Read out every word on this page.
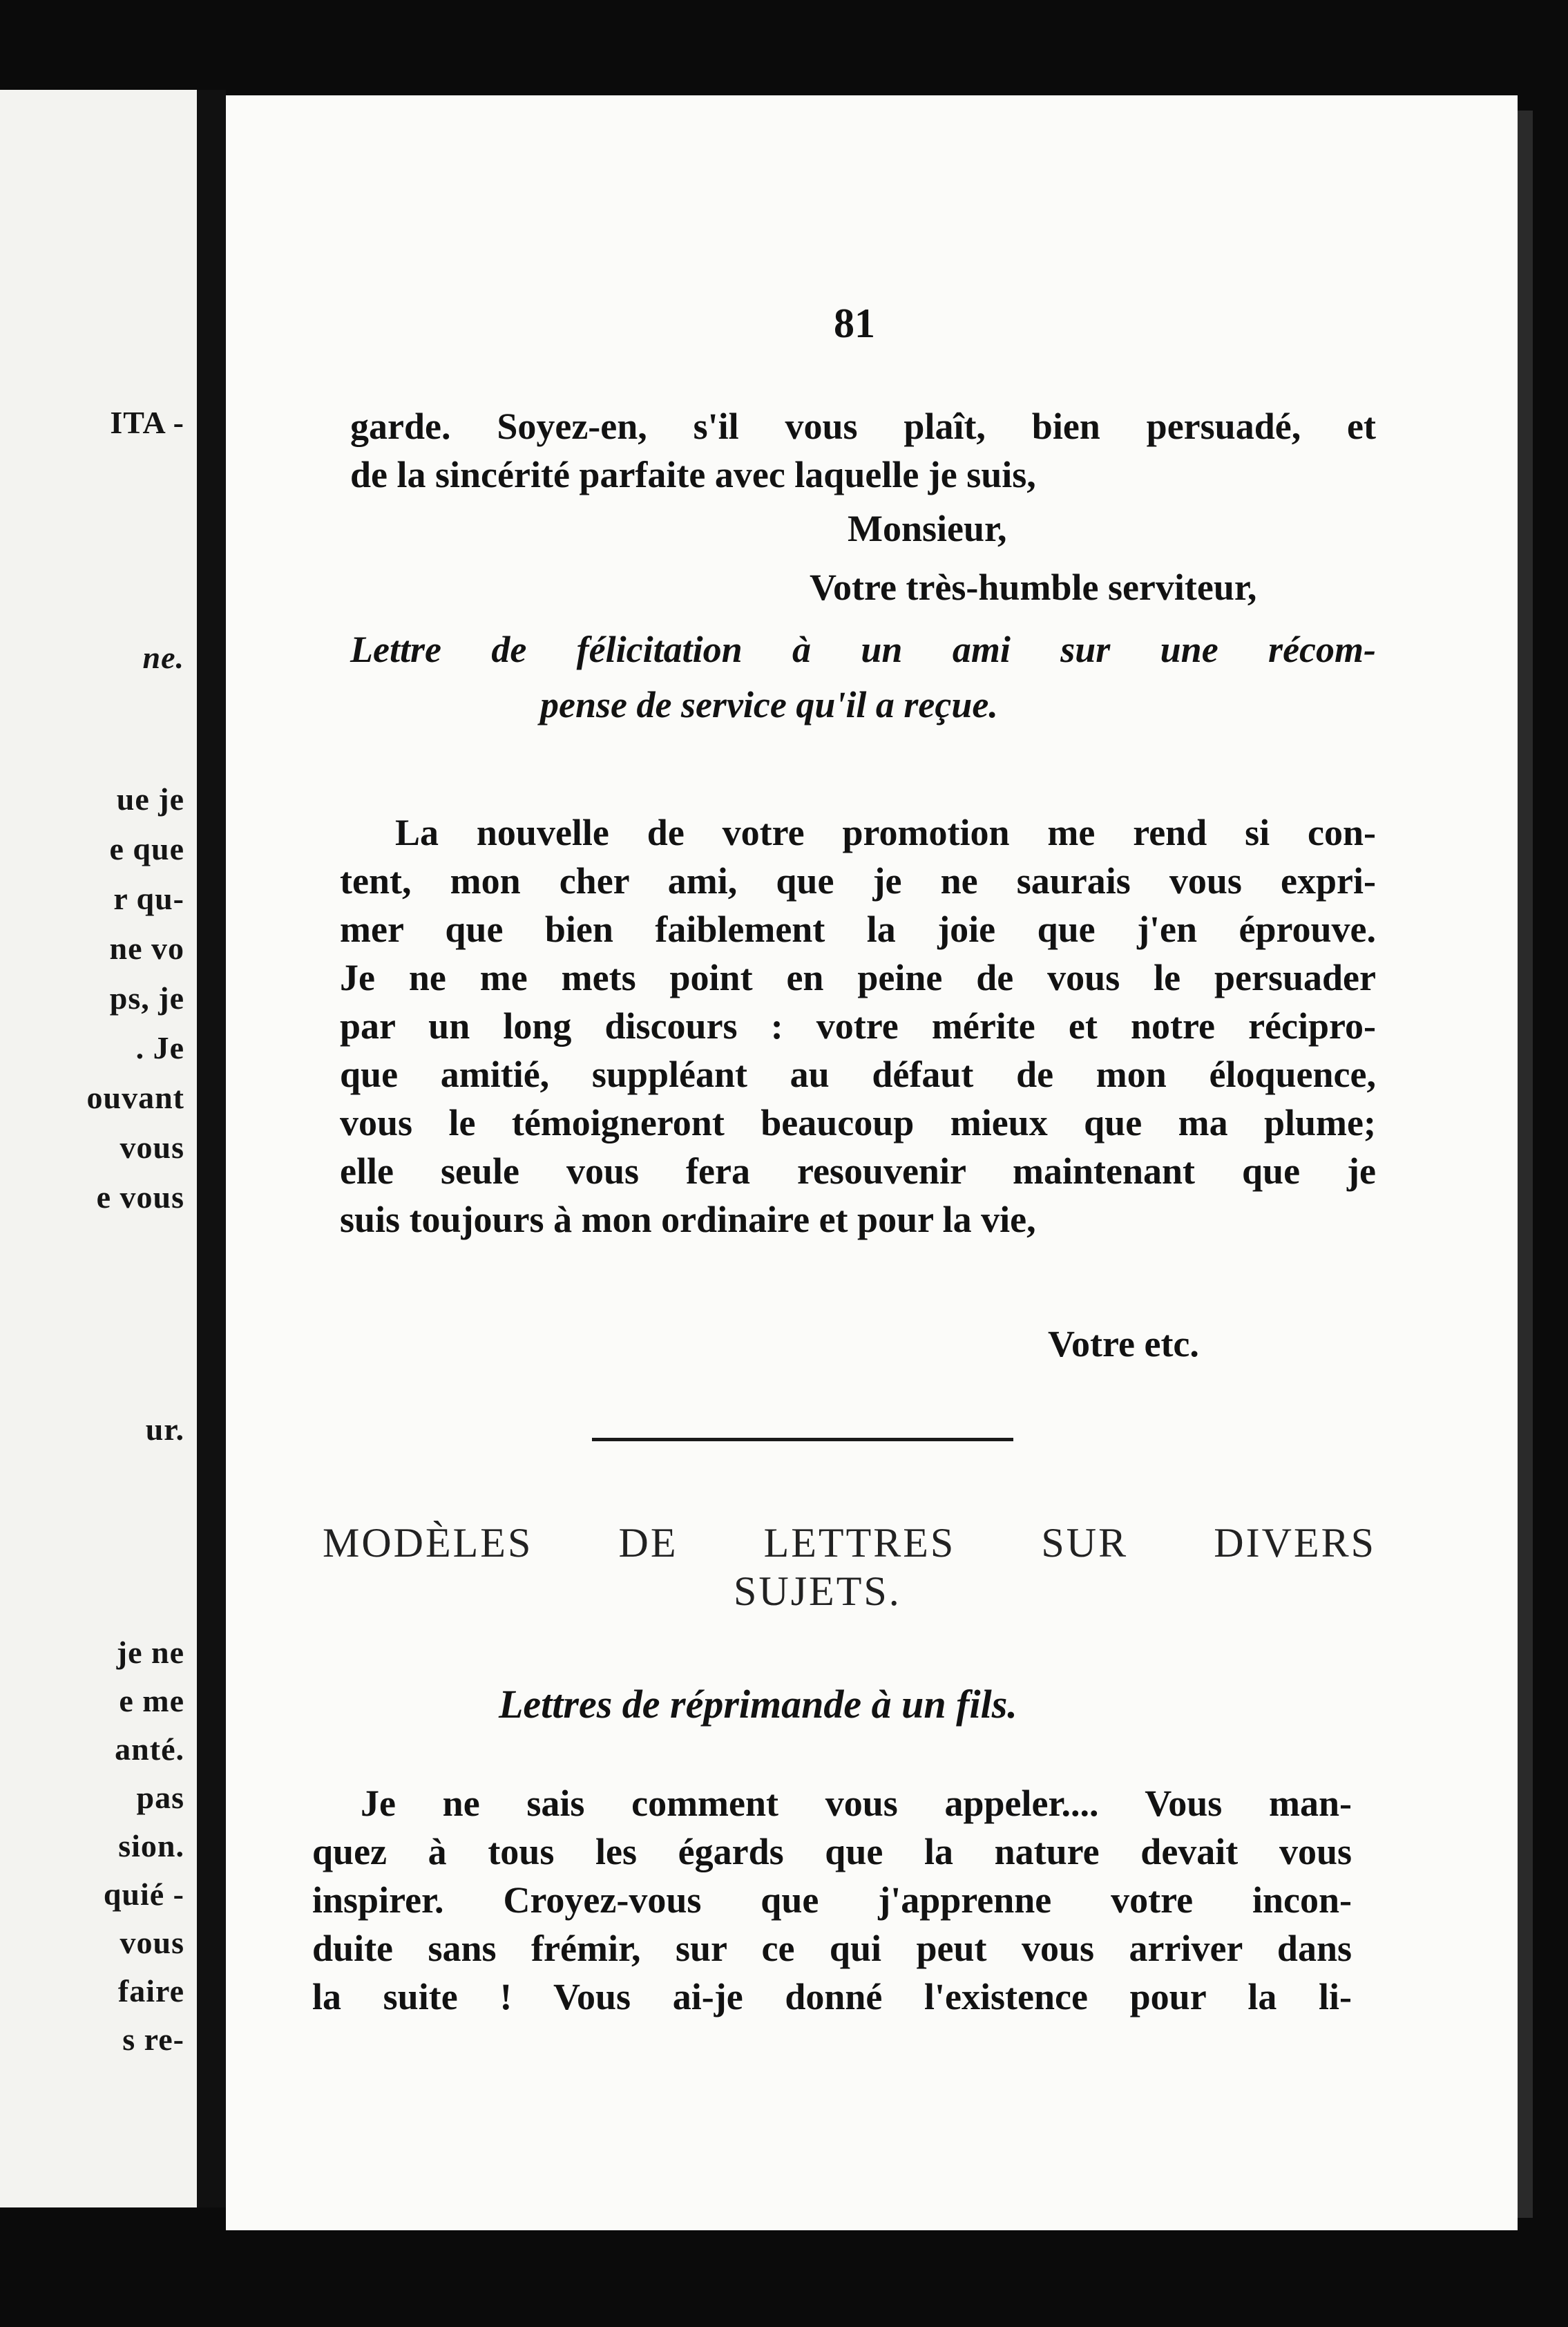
ITA -
ne.
ue je
e que
r qu-
ne vo
ps, je
. Je
ouvant
vous
e vous
ur.
je ne
e me
anté.
pas
sion.
quié -
vous
faire
s re-
81
garde. Soyez-en, s'il vous plaît, bien persuadé, et
de la sincérité parfaite avec laquelle je suis,
Monsieur,
Votre très-humble serviteur,
Lettre de félicitation à un ami sur une récom-
pense de service qu'il a reçue.
La nouvelle de votre promotion me rend si con-
tent, mon cher ami, que je ne saurais vous expri-
mer que bien faiblement la joie que j'en éprouve.
Je ne me mets point en peine de vous le persuader
par un long discours : votre mérite et notre récipro-
que amitié, suppléant au défaut de mon éloquence,
vous le témoigneront beaucoup mieux que ma plume;
elle seule vous fera resouvenir maintenant que je
suis toujours à mon ordinaire et pour la vie,
Votre etc.
MODÈLES DE LETTRES SUR DIVERS
SUJETS.
Lettres de réprimande à un fils.
Je ne sais comment vous appeler.... Vous man-
quez à tous les égards que la nature devait vous
inspirer. Croyez-vous que j'apprenne votre incon-
duite sans frémir, sur ce qui peut vous arriver dans
la suite ! Vous ai-je donné l'existence pour la li-
